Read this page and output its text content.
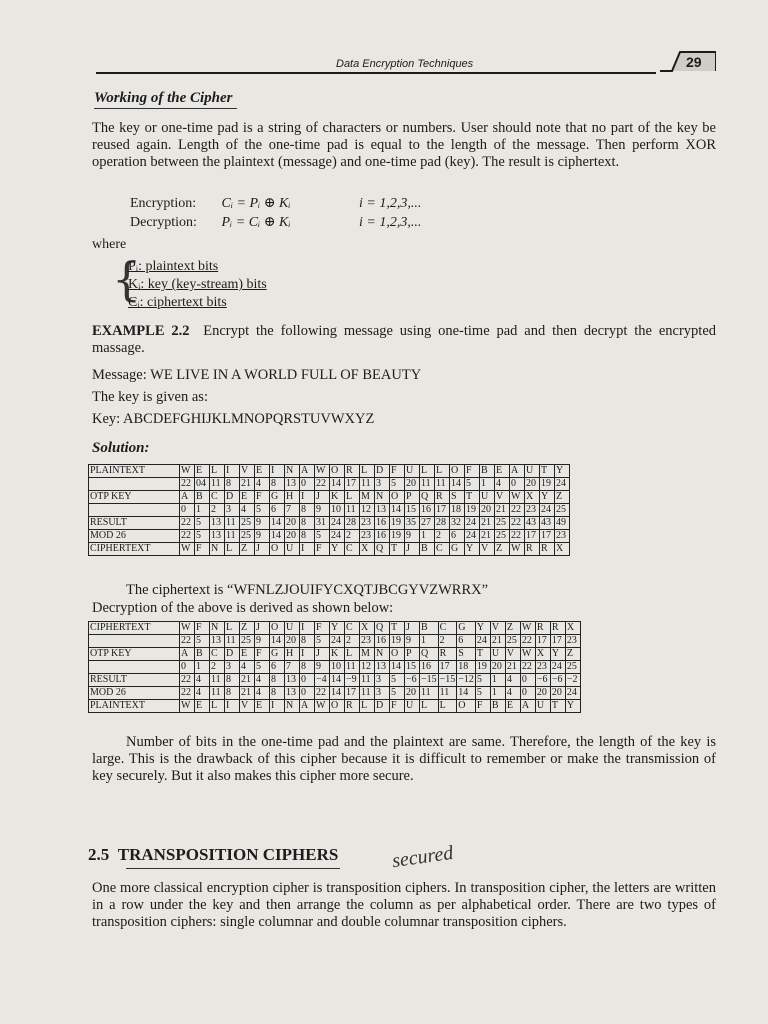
Data Encryption Techniques	29
Working of the Cipher
The key or one-time pad is a string of characters or numbers. User should note that no part of the key be reused again. Length of the one-time pad is equal to the length of the message. Then perform XOR operation between the plaintext (message) and one-time pad (key). The result is ciphertext.
Encryption: Cᵢ = Pᵢ ⊕ Kᵢ	i = 1,2,3,...
Decryption: Pᵢ = Cᵢ ⊕ Kᵢ	i = 1,2,3,...
where
{
Pᵢ: plaintext bits
Kᵢ: key (key-stream) bits
Cᵢ: ciphertext bits
EXAMPLE 2.2 Encrypt the following message using one-time pad and then decrypt the encrypted massage.
Message: WE LIVE IN A WORLD FULL OF BEAUTY
The key is given as:
Key: ABCDEFGHIJKLMNOPQRSTUVWXYZ
Solution:
PLAINTEXT	W	E	L	I	V	E	I	N	A	W	O	R	L	D	F	U	L	L	O	F	B	E	A	U	T	Y
	22	04	11	8	21	4	8	13	0	22	14	17	11	3	5	20	11	11	14	5	1	4	0	20	19	24
OTP KEY	A	B	C	D	E	F	G	H	I	J	K	L	M	N	O	P	Q	R	S	T	U	V	W	X	Y	Z
	0	1	2	3	4	5	6	7	8	9	10	11	12	13	14	15	16	17	18	19	20	21	22	23	24	25
RESULT	22	5	13	11	25	9	14	20	8	31	24	28	23	16	19	35	27	28	32	24	21	25	22	43	43	49
MOD 26	22	5	13	11	25	9	14	20	8	5	24	2	23	16	19	9	1	2	6	24	21	25	22	17	17	23
CIPHERTEXT	W	F	N	L	Z	J	O	U	I	F	Y	C	X	Q	T	J	B	C	G	Y	V	Z	W	R	R	X
The ciphertext is “WFNLZJOUIFYCXQTJBCGYVZWRRX”
Decryption of the above is derived as shown below:
CIPHERTEXT	W	F	N	L	Z	J	O	U	I	F	Y	C	X	Q	T	J	B	C	G	Y	V	Z	W	R	R	X
	22	5	13	11	25	9	14	20	8	5	24	2	23	16	19	9	1	2	6	24	21	25	22	17	17	23
OTP KEY	A	B	C	D	E	F	G	H	I	J	K	L	M	N	O	P	Q	R	S	T	U	V	W	X	Y	Z
	0	1	2	3	4	5	6	7	8	9	10	11	12	13	14	15	16	17	18	19	20	21	22	23	24	25
RESULT	22	4	11	8	21	4	8	13	0	−4	14	−9	11	3	5	−6	−15	−15	−12	5	1	4	0	−6	−6	−2
MOD 26	22	4	11	8	21	4	8	13	0	22	14	17	11	3	5	20	11	11	14	5	1	4	0	20	20	24
PLAINTEXT	W	E	L	I	V	E	I	N	A	W	O	R	L	D	F	U	L	L	O	F	B	E	A	U	T	Y
Number of bits in the one-time pad and the plaintext are same. Therefore, the length of the key is large. This is the drawback of this cipher because it is difficult to remember or make the transmission of key securely. But it also makes this cipher more secure.
2.5 TRANSPOSITION CIPHERS	secured
One more classical encryption cipher is transposition ciphers. In transposition cipher, the letters are written in a row under the key and then arrange the column as per alphabetical order. There are two types of transposition ciphers: single columnar and double columnar transposition ciphers.
